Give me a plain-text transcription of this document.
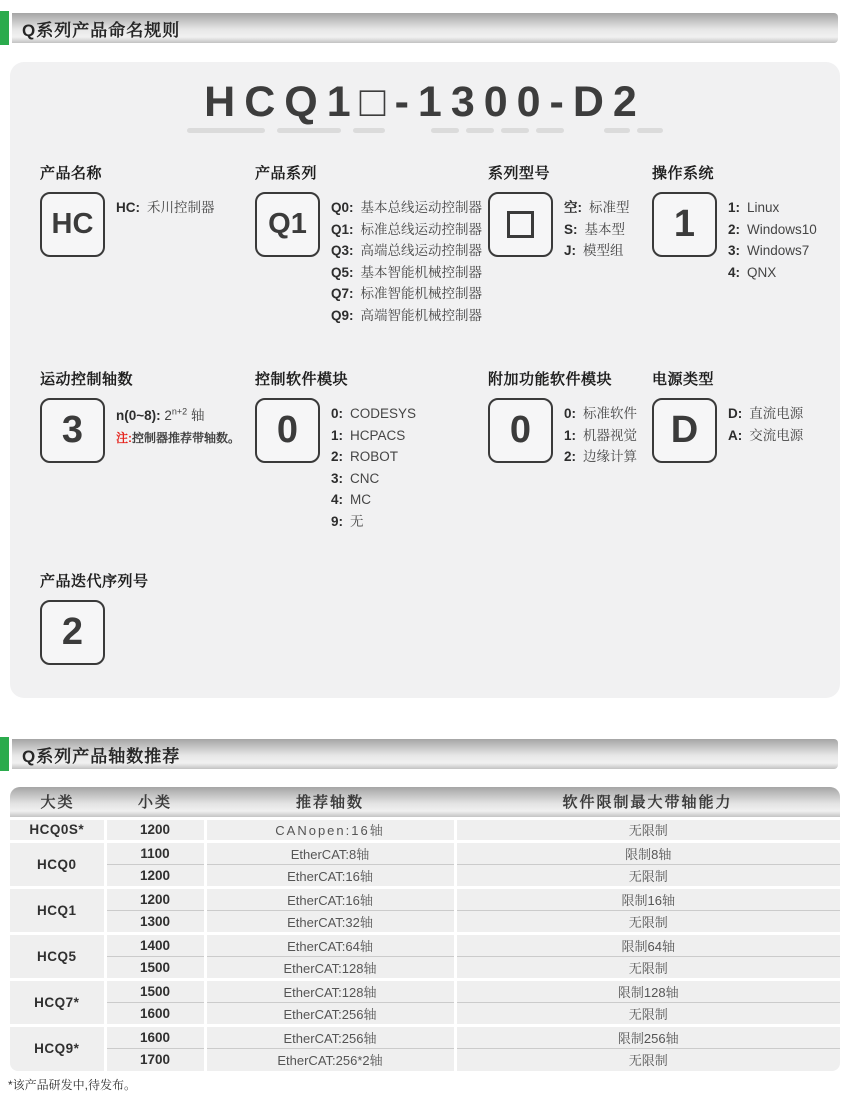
Q系列产品命名规则
HCQ1□-1300-D2
产品名称
HC
HC: 禾川控制器
产品系列
Q1
Q0: 基本总线运动控制器
Q1: 标准总线运动控制器
Q3: 高端总线运动控制器
Q5: 基本智能机械控制器
Q7: 标准智能机械控制器
Q9: 高端智能机械控制器
系列型号
空: 标准型
S: 基本型
J: 模型组
操作系统
1	1: Linux
2: Windows10
3: Windows7
4: QNX
运动控制轴数
3	n(0~8): $2^{n+2}$ 轴
注:控制器推荐带轴数。
控制软件模块
0	0: CODESYS
1: HCPACS
2: ROBOT
3: CNC
4: MC
9: 无
附加功能软件模块
0	0: 标准软件
1: 机器视觉
2: 边缘计算
电源类型
D	D: 直流电源
A: 交流电源
产品迭代序列号
2
Q系列产品轴数推荐
大类	小类	推荐轴数	软件限制最大带轴能力
HCQ0S*	1200	CANopen:16轴	无限制
HCQ0	1100	EtherCAT:8轴	限制8轴
	1200	EtherCAT:16轴	无限制
HCQ1	1200	EtherCAT:16轴	限制16轴
	1300	EtherCAT:32轴	无限制
HCQ5	1400	EtherCAT:64轴	限制64轴
	1500	EtherCAT:128轴	无限制
HCQ7*	1500	EtherCAT:128轴	限制128轴
	1600	EtherCAT:256轴	无限制
HCQ9*	1600	EtherCAT:256轴	限制256轴
	1700	EtherCAT:256*2轴	无限制
*该产品研发中,待发布。
